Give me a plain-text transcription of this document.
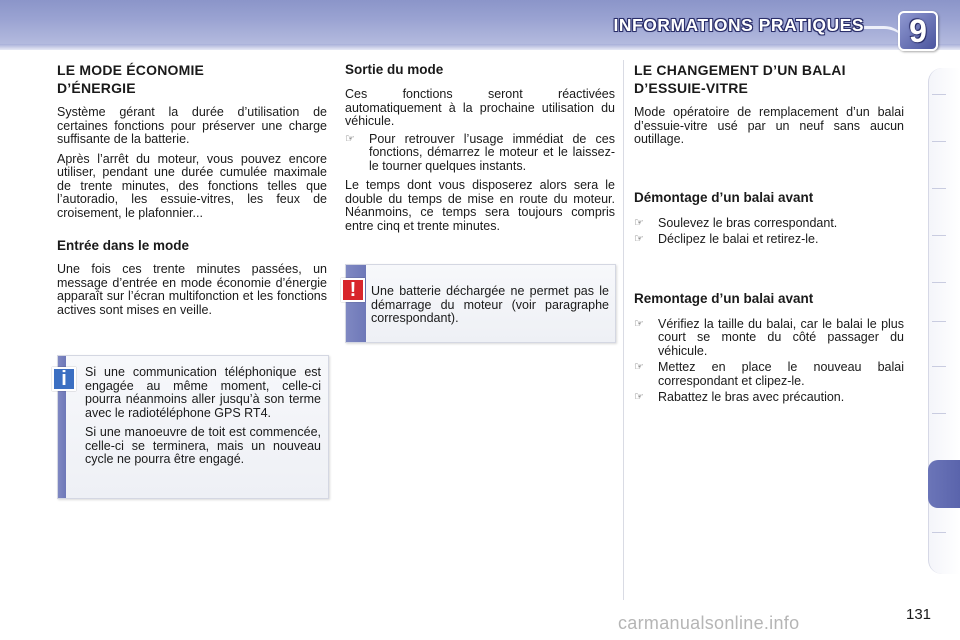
INFORMATIONS PRATIQUES 9
LE MODE ÉCONOMIE D’ÉNERGIE
Système gérant la durée d’utilisation de certaines fonctions pour préserver une charge suffisante de la batterie.
Après l’arrêt du moteur, vous pouvez encore utiliser, pendant une durée cumulée maximale de trente minutes, des fonctions telles que l’autoradio, les essuie-vitres, les feux de croisement, le plafonnier...
Entrée dans le mode
Une fois ces trente minutes passées, un message d’entrée en mode économie d’énergie apparaît sur l’écran multifonction et les fonctions actives sont mises en veille.
i	Si une communication téléphonique est engagée au même moment, celle-ci pourra néanmoins aller jusqu’à son terme avec le radiotéléphone GPS RT4.
Si une manoeuvre de toit est commencée, celle-ci se terminera, mais un nouveau cycle ne pourra être engagé.
Sortie du mode
Ces fonctions seront réactivées automatiquement à la prochaine utilisation du véhicule.
☞	Pour retrouver l’usage immédiat de ces fonctions, démarrez le moteur et le laissez-le tourner quelques instants.
Le temps dont vous disposerez alors sera le double du temps de mise en route du moteur. Néanmoins, ce temps sera toujours compris entre cinq et trente minutes.
!	Une batterie déchargée ne permet pas le démarrage du moteur (voir paragraphe correspondant).
LE CHANGEMENT D’UN BALAI D’ESSUIE-VITRE
Mode opératoire de remplacement d’un balai d’essuie-vitre usé par un neuf sans aucun outillage.
Démontage d’un balai avant
☞	Soulevez le bras correspondant.
☞	Déclipez le balai et retirez-le.
Remontage d’un balai avant
☞	Vérifiez la taille du balai, car le balai le plus court se monte du côté passager du véhicule.
☞	Mettez en place le nouveau balai correspondant et clipez-le.
☞	Rabattez le bras avec précaution.
carmanualsonline.info	131
